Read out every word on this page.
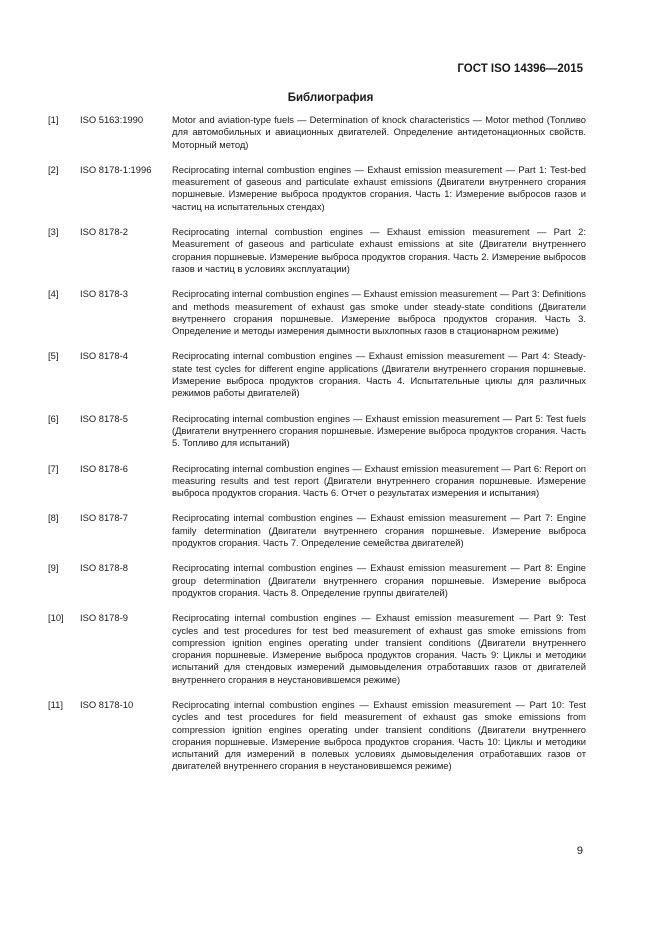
ГОСТ ISO 14396—2015
Библиография
[1]	ISO 5163:1990	Motor and aviation-type fuels — Determination of knock characteristics — Motor method (Топливо для автомобильных и авиационных двигателей. Определение антидетонационных свойств. Моторный метод)
[2]	ISO 8178-1:1996	Reciprocating internal combustion engines — Exhaust emission measurement — Part 1: Test-bed measurement of gaseous and particulate exhaust emissions (Двигатели внутреннего сгорания поршневые. Измерение выброса продуктов сгорания. Часть 1: Измерение выбросов газов и частиц на испытательных стендах)
[3]	ISO 8178-2	Reciprocating internal combustion engines — Exhaust emission measurement — Part 2: Measurement of gaseous and particulate exhaust emissions at site (Двигатели внутреннего сгорания поршневые. Измерение выброса продуктов сгорания. Часть 2. Измерение выбросов газов и частиц в условиях эксплуатации)
[4]	ISO 8178-3	Reciprocating internal combustion engines — Exhaust emission measurement — Part 3: Definitions and methods measurement of exhaust gas smoke under steady-state conditions (Двигатели внутреннего сгорания поршневые. Измерение выброса продуктов сгорания. Часть 3. Определение и методы измерения дымности выхлопных газов в стационарном режиме)
[5]	ISO 8178-4	Reciprocating internal combustion engines — Exhaust emission measurement — Part 4: Steady-state test cycles for different engine applications (Двигатели внутреннего сгорания поршневые. Измерение выброса продуктов сгорания. Часть 4. Испытательные циклы для различных режимов работы двигателей)
[6]	ISO 8178-5	Reciprocating internal combustion engines — Exhaust emission measurement — Part 5: Test fuels (Двигатели внутреннего сгорания поршневые. Измерение выброса продуктов сгорания. Часть 5. Топливо для испытаний)
[7]	ISO 8178-6	Reciprocating internal combustion engines — Exhaust emission measurement — Part 6: Report on measuring results and test report (Двигатели внутреннего сгорания поршневые. Измерение выброса продуктов сгорания. Часть 6. Отчет о результатах измерения и испытания)
[8]	ISO 8178-7	Reciprocating internal combustion engines — Exhaust emission measurement — Part 7: Engine family determination (Двигатели внутреннего сгорания поршневые. Измерение выброса продуктов сгорания. Часть 7. Определение семейства двигателей)
[9]	ISO 8178-8	Reciprocating internal combustion engines — Exhaust emission measurement — Part 8: Engine group determination (Двигатели внутреннего сгорания поршневые. Измерение выброса продуктов сгорания. Часть 8. Определение группы двигателей)
[10]	ISO 8178-9	Reciprocating internal combustion engines — Exhaust emission measurement — Part 9: Test cycles and test procedures for test bed measurement of exhaust gas smoke emissions from compression ignition engines operating under transient conditions (Двигатели внутреннего сгорания поршневые. Измерение выброса продуктов сгорания. Часть 9: Циклы и методики испытаний для стендовых измерений дымовыделения отработавших газов от двигателей внутреннего сгорания в неустановившемся режиме)
[11]	ISO 8178-10	Reciprocating internal combustion engines — Exhaust emission measurement — Part 10: Test cycles and test procedures for field measurement of exhaust gas smoke emissions from compression ignition engines operating under transient conditions (Двигатели внутреннего сгорания поршневые. Измерение выброса продуктов сгорания. Часть 10: Циклы и методики испытаний для измерений в полевых условиях дымовыделения отработавших газов от двигателей внутреннего сгорания в неустановившемся режиме)
9
